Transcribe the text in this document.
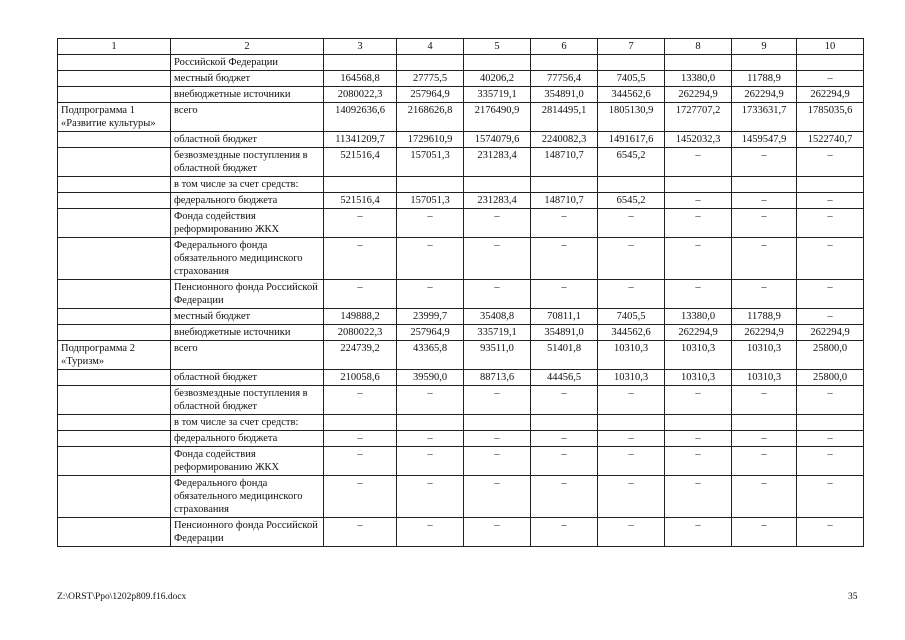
1	2	3	4	5	6	7	8	9	10
	Российской Федерации								
	местный бюджет	164568,8	27775,5	40206,2	77756,4	7405,5	13380,0	11788,9	–
	внебюджетные источники	2080022,3	257964,9	335719,1	354891,0	344562,6	262294,9	262294,9	262294,9
Подпрограмма 1 «Развитие культуры»	всего	14092636,6	2168626,8	2176490,9	2814495,1	1805130,9	1727707,2	1733631,7	1785035,6
	областной бюджет	11341209,7	1729610,9	1574079,6	2240082,3	1491617,6	1452032,3	1459547,9	1522740,7
	безвозмездные поступления в областной бюджет	521516,4	157051,3	231283,4	148710,7	6545,2	–	–	–
	в том числе за счет средств:								
	федерального бюджета	521516,4	157051,3	231283,4	148710,7	6545,2	–	–	–
	Фонда содействия реформированию ЖКХ	–	–	–	–	–	–	–	–
	Федерального фонда обязательного медицинского страхования	–	–	–	–	–	–	–	–
	Пенсионного фонда Российской Федерации	–	–	–	–	–	–	–	–
	местный бюджет	149888,2	23999,7	35408,8	70811,1	7405,5	13380,0	11788,9	–
	внебюджетные источники	2080022,3	257964,9	335719,1	354891,0	344562,6	262294,9	262294,9	262294,9
Подпрограмма 2 «Туризм»	всего	224739,2	43365,8	93511,0	51401,8	10310,3	10310,3	10310,3	25800,0
	областной бюджет	210058,6	39590,0	88713,6	44456,5	10310,3	10310,3	10310,3	25800,0
	безвозмездные поступления в областной бюджет	–	–	–	–	–	–	–	–
	в том числе за счет средств:								
	федерального бюджета	–	–	–	–	–	–	–	–
	Фонда содействия реформированию ЖКХ	–	–	–	–	–	–	–	–
	Федерального фонда обязательного медицинского страхования	–	–	–	–	–	–	–	–
	Пенсионного фонда Российской Федерации	–	–	–	–	–	–	–	–
Z:\ORST\Ppo\1202p809.f16.docx	35
